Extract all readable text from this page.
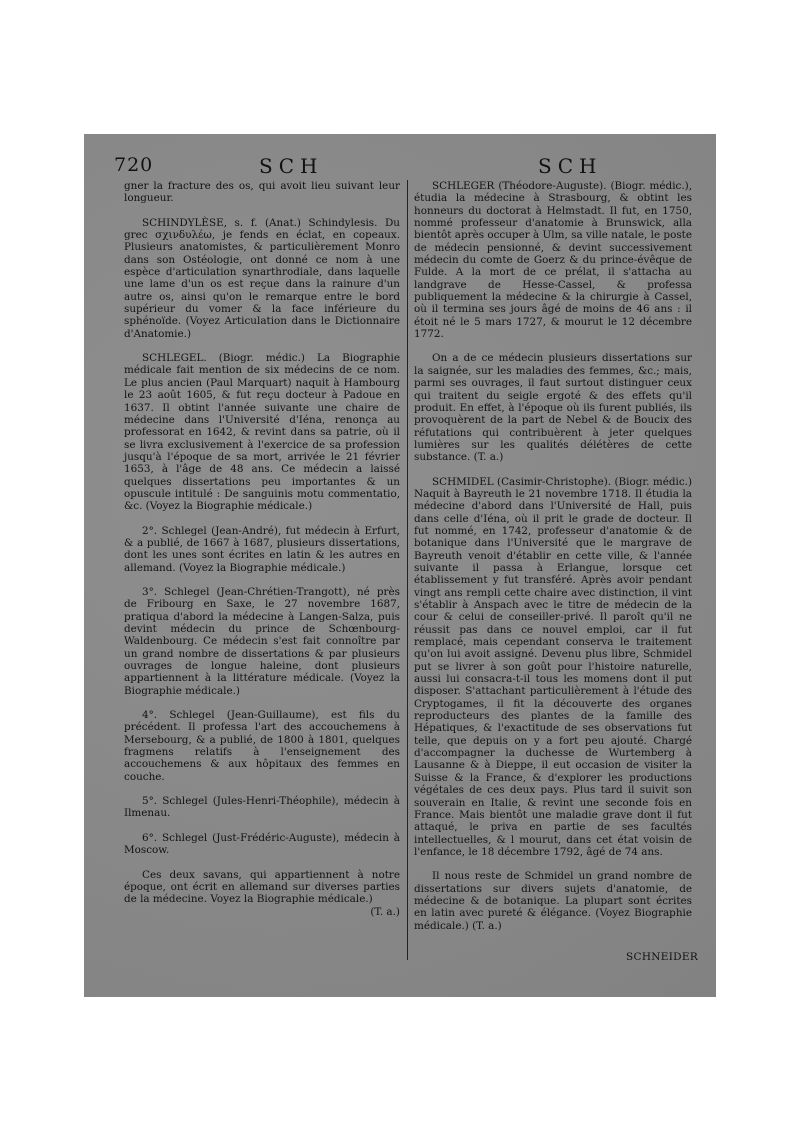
720	SCH	SCH

gner la fracture des os, qui avoit lieu suivant leur longueur.

SCHINDYLÈSE, s. f. (Anat.) Schindylesis. Du grec σχινδυλέω, je fends en éclat, en copeaux. Plusieurs anatomistes, & particulièrement Monro dans son Ostéologie, ont donné ce nom à une espèce d'articulation synarthrodiale, dans laquelle une lame d'un os est reçue dans la rainure d'un autre os, ainsi qu'on le remarque entre le bord supérieur du vomer & la face inférieure du sphénoïde. (Voyez Articulation dans le Dictionnaire d'Anatomie.)

SCHLEGEL. (Biogr. médic.) La Biographie médicale fait mention de six médecins de ce nom. Le plus ancien (Paul Marquart) naquit à Hambourg le 23 août 1605, & fut reçu docteur à Padoue en 1637. Il obtint l'année suivante une chaire de médecine dans l'Université d'Iéna, renonça au professorat en 1642, & revint dans sa patrie, où il se livra exclusivement à l'exercice de sa profession jusqu'à l'époque de sa mort, arrivée le 21 février 1653, à l'âge de 48 ans. Ce médecin a laissé quelques dissertations peu importantes & un opuscule intitulé : De sanguinis motu commentatio, &c. (Voyez la Biographie médicale.)

2°. Schlegel (Jean-André), fut médecin à Erfurt, & a publié, de 1667 à 1687, plusieurs dissertations, dont les unes sont écrites en latin & les autres en allemand. (Voyez la Biographie médicale.)

3°. Schlegel (Jean-Chrétien-Trangott), né près de Fribourg en Saxe, le 27 novembre 1687, pratiqua d'abord la médecine à Langen-Salza, puis devint médecin du prince de Schœnbourg-Waldenbourg. Ce médecin s'est fait connoître par un grand nombre de dissertations & par plusieurs ouvrages de longue haleine, dont plusieurs appartiennent à la littérature médicale. (Voyez la Biographie médicale.)

4°. Schlegel (Jean-Guillaume), est fils du précédent. Il professa l'art des accouchemens à Mersebourg, & a publié, de 1800 à 1801, quelques fragmens relatifs à l'enseignement des accouchemens & aux hôpitaux des femmes en couche.

5°. Schlegel (Jules-Henri-Théophile), médecin à Ilmenau.

6°. Schlegel (Just-Frédéric-Auguste), médecin à Moscow.

Ces deux savans, qui appartiennent à notre époque, ont écrit en allemand sur diverses parties de la médecine. Voyez la Biographie médicale.)

(T. a.)

SCHLEGER (Théodore-Auguste). (Biogr. médic.), étudia la médecine à Strasbourg, & obtint les honneurs du doctorat à Helmstadt. Il fut, en 1750, nommé professeur d'anatomie à Brunswick, alla bientôt après occuper à Ulm, sa ville natale, le poste de médecin pensionné, & devint successivement médecin du comte de Goerz & du prince-évêque de Fulde. A la mort de ce prélat, il s'attacha au landgrave de Hesse-Cassel, & professa publiquement la médecine & la chirurgie à Cassel, où il termina ses jours âgé de moins de 46 ans : il étoit né le 5 mars 1727, & mourut le 12 décembre 1772.

On a de ce médecin plusieurs dissertations sur la saignée, sur les maladies des femmes, &c.; mais, parmi ses ouvrages, il faut surtout distinguer ceux qui traitent du seigle ergoté & des effets qu'il produit. En effet, à l'époque où ils furent publiés, ils provoquèrent de la part de Nebel & de Boucix des réfutations qui contribuèrent à jeter quelques lumières sur les qualités délétères de cette substance. (T. a.)

SCHMIDEL (Casimir-Christophe). (Biogr. médic.) Naquit à Bayreuth le 21 novembre 1718. Il étudia la médecine d'abord dans l'Université de Hall, puis dans celle d'Iéna, où il prit le grade de docteur. Il fut nommé, en 1742, professeur d'anatomie & de botanique dans l'Université que le margrave de Bayreuth venoit d'établir en cette ville, & l'année suivante il passa à Erlangue, lorsque cet établissement y fut transféré. Après avoir pendant vingt ans rempli cette chaire avec distinction, il vint s'établir à Anspach avec le titre de médecin de la cour & celui de conseiller-privé. Il paroît qu'il ne réussit pas dans ce nouvel emploi, car il fut remplacé, mais cependant conserva le traitement qu'on lui avoit assigné. Devenu plus libre, Schmidel put se livrer à son goût pour l'histoire naturelle, aussi lui consacra-t-il tous les momens dont il put disposer. S'attachant particulièrement à l'étude des Cryptogames, il fit la découverte des organes reproducteurs des plantes de la famille des Hépatiques, & l'exactitude de ses observations fut telle, que depuis on y a fort peu ajouté. Chargé d'accompagner la duchesse de Wurtemberg à Lausanne & à Dieppe, il eut occasion de visiter la Suisse & la France, & d'explorer les productions végétales de ces deux pays. Plus tard il suivit son souverain en Italie, & revint une seconde fois en France. Mais bientôt une maladie grave dont il fut attaqué, le priva en partie de ses facultés intellectuelles, & l mourut, dans cet état voisin de l'enfance, le 18 décembre 1792, âgé de 74 ans.

Il nous reste de Schmidel un grand nombre de dissertations sur divers sujets d'anatomie, de médecine & de botanique. La plupart sont écrites en latin avec pureté & élégance. (Voyez Biographie médicale.) (T. a.)

SCHNEIDER
